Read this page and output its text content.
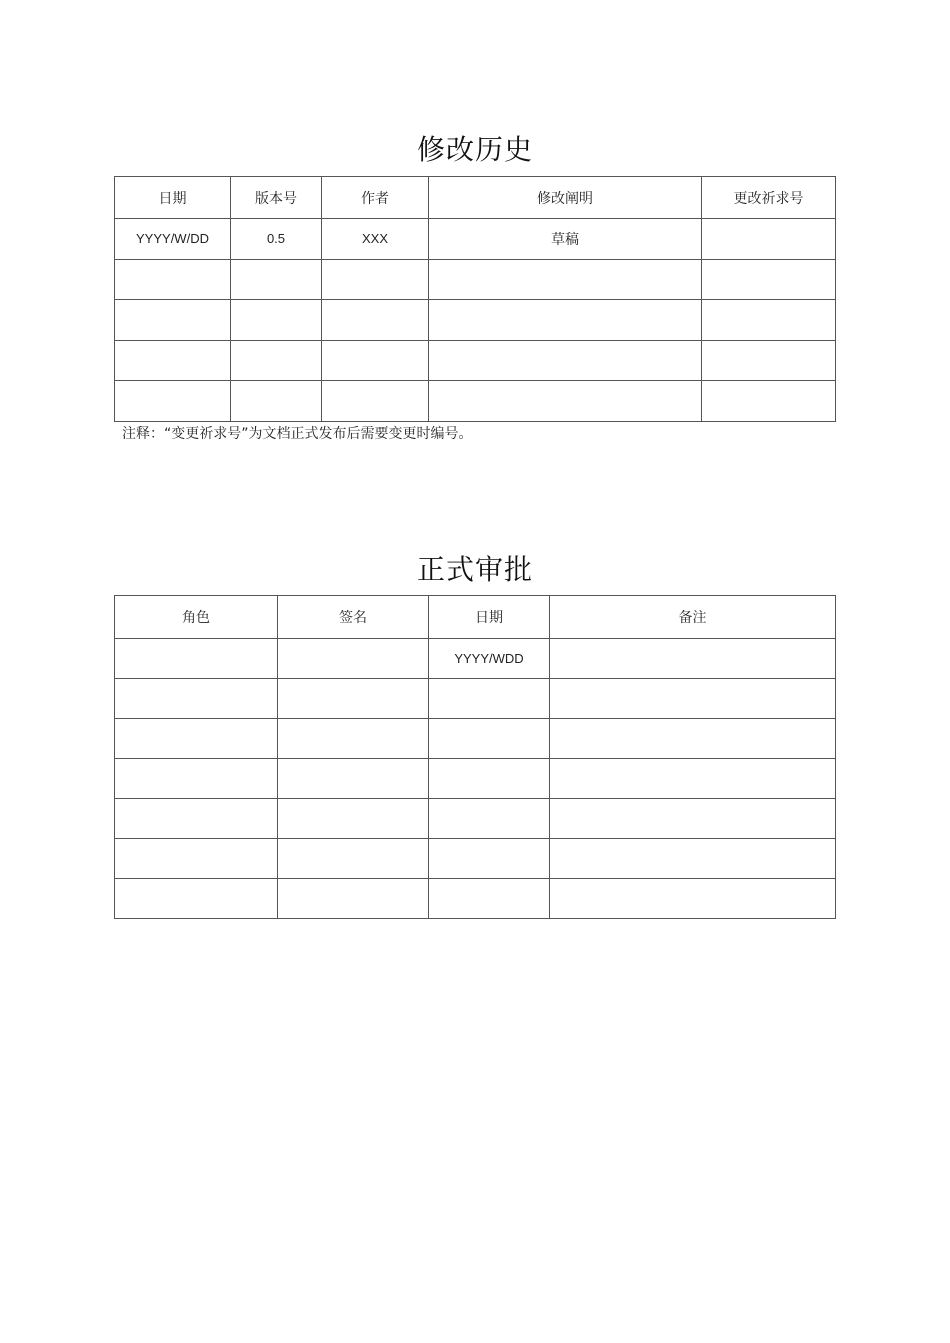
修改历史
日期	版本号	作者	修改阐明	更改祈求号
YYYY/W/DD	0.5	XXX	草稿	

注释：“变更祈求号”为文档正式发布后需要变更时编号。
正式审批
角色	签名	日期	备注
		YYYY/WDD	
